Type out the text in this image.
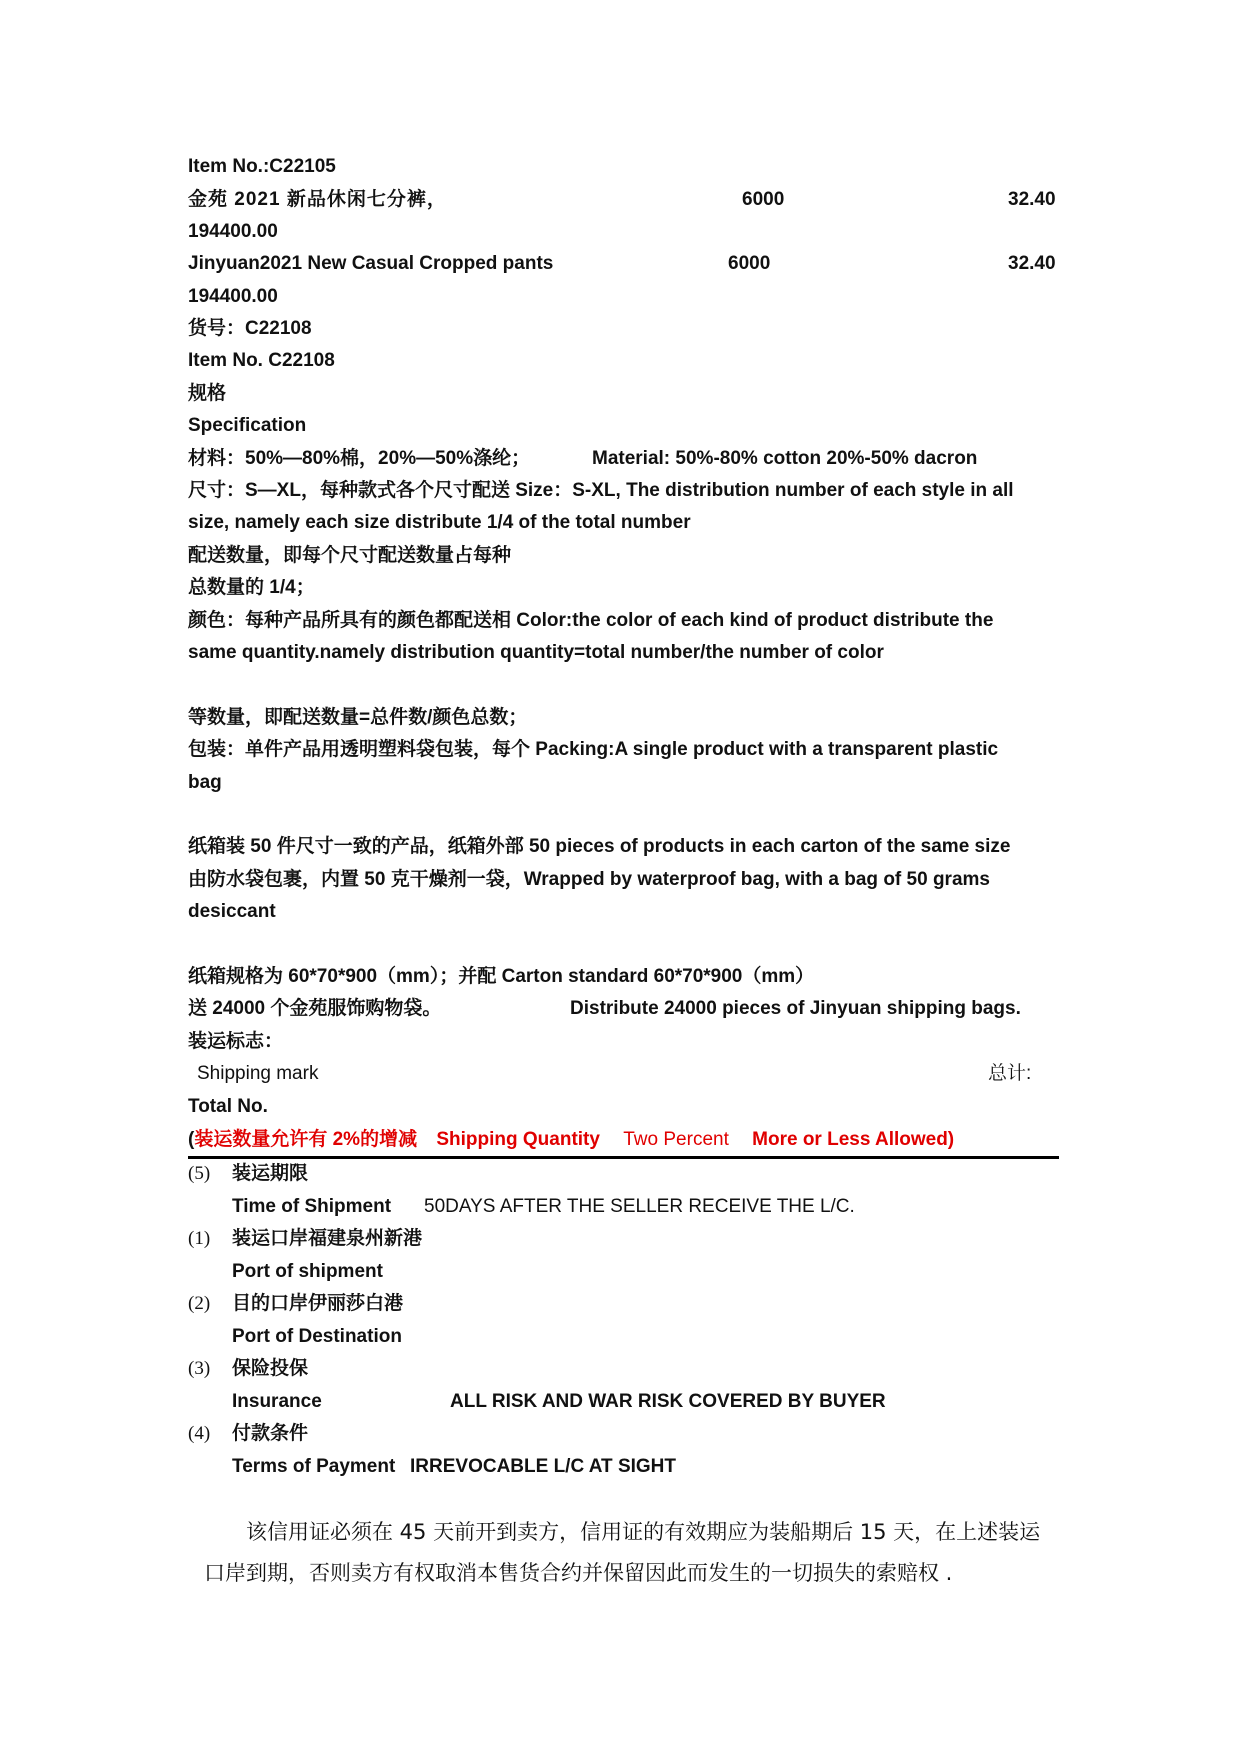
Item No.:C22105
金苑 2021 新品休闲七分裤，	6000	32.40
194400.00
Jinyuan2021 New Casual Cropped pants	6000	32.40
194400.00
货号：C22108
Item No. C22108
规格
Specification
材料：50%—80%棉，20%—50%涤纶；	Material: 50%-80% cotton 20%-50% dacron
尺寸：S—XL，每种款式各个尺寸配送 Size：S-XL, The distribution number of each style in all
size, namely each size distribute 1/4 of the total number
配送数量，即每个尺寸配送数量占每种
总数量的 1/4；
颜色：每种产品所具有的颜色都配送相 Color:the color of each kind of product distribute the
same quantity.namely distribution quantity=total number/the number of color
等数量，即配送数量=总件数/颜色总数；
包装：单件产品用透明塑料袋包装，每个 Packing:A single product with a transparent plastic
bag
纸箱装 50 件尺寸一致的产品，纸箱外部 50 pieces of products in each carton of the same size
由防水袋包裹，内置 50 克干燥剂一袋，Wrapped by waterproof bag, with a bag of 50 grams
desiccant
纸箱规格为 60*70*900（mm）；并配 Carton standard 60*70*900（mm）
送 24000 个金苑服饰购物袋。	Distribute 24000 pieces of Jinyuan shipping bags.
装运标志：
Shipping mark	总计:
Total No.
(装运数量允许有 2%的增减 Shipping Quantity Two Percent More or Less Allowed)
(5) 装运期限
Time of Shipment 50DAYS AFTER THE SELLER RECEIVE THE L/C.
(1) 装运口岸福建泉州新港
Port of shipment
(2) 目的口岸伊丽莎白港
Port of Destination
(3) 保险投保
Insurance	ALL RISK AND WAR RISK COVERED BY BUYER
(4) 付款条件
Terms of Payment IRREVOCABLE L/C AT SIGHT
该信用证必须在 45 天前开到卖方，信用证的有效期应为装船期后 15 天，在上述装运
口岸到期，否则卖方有权取消本售货合约并保留因此而发生的一切损失的索赔权 .
